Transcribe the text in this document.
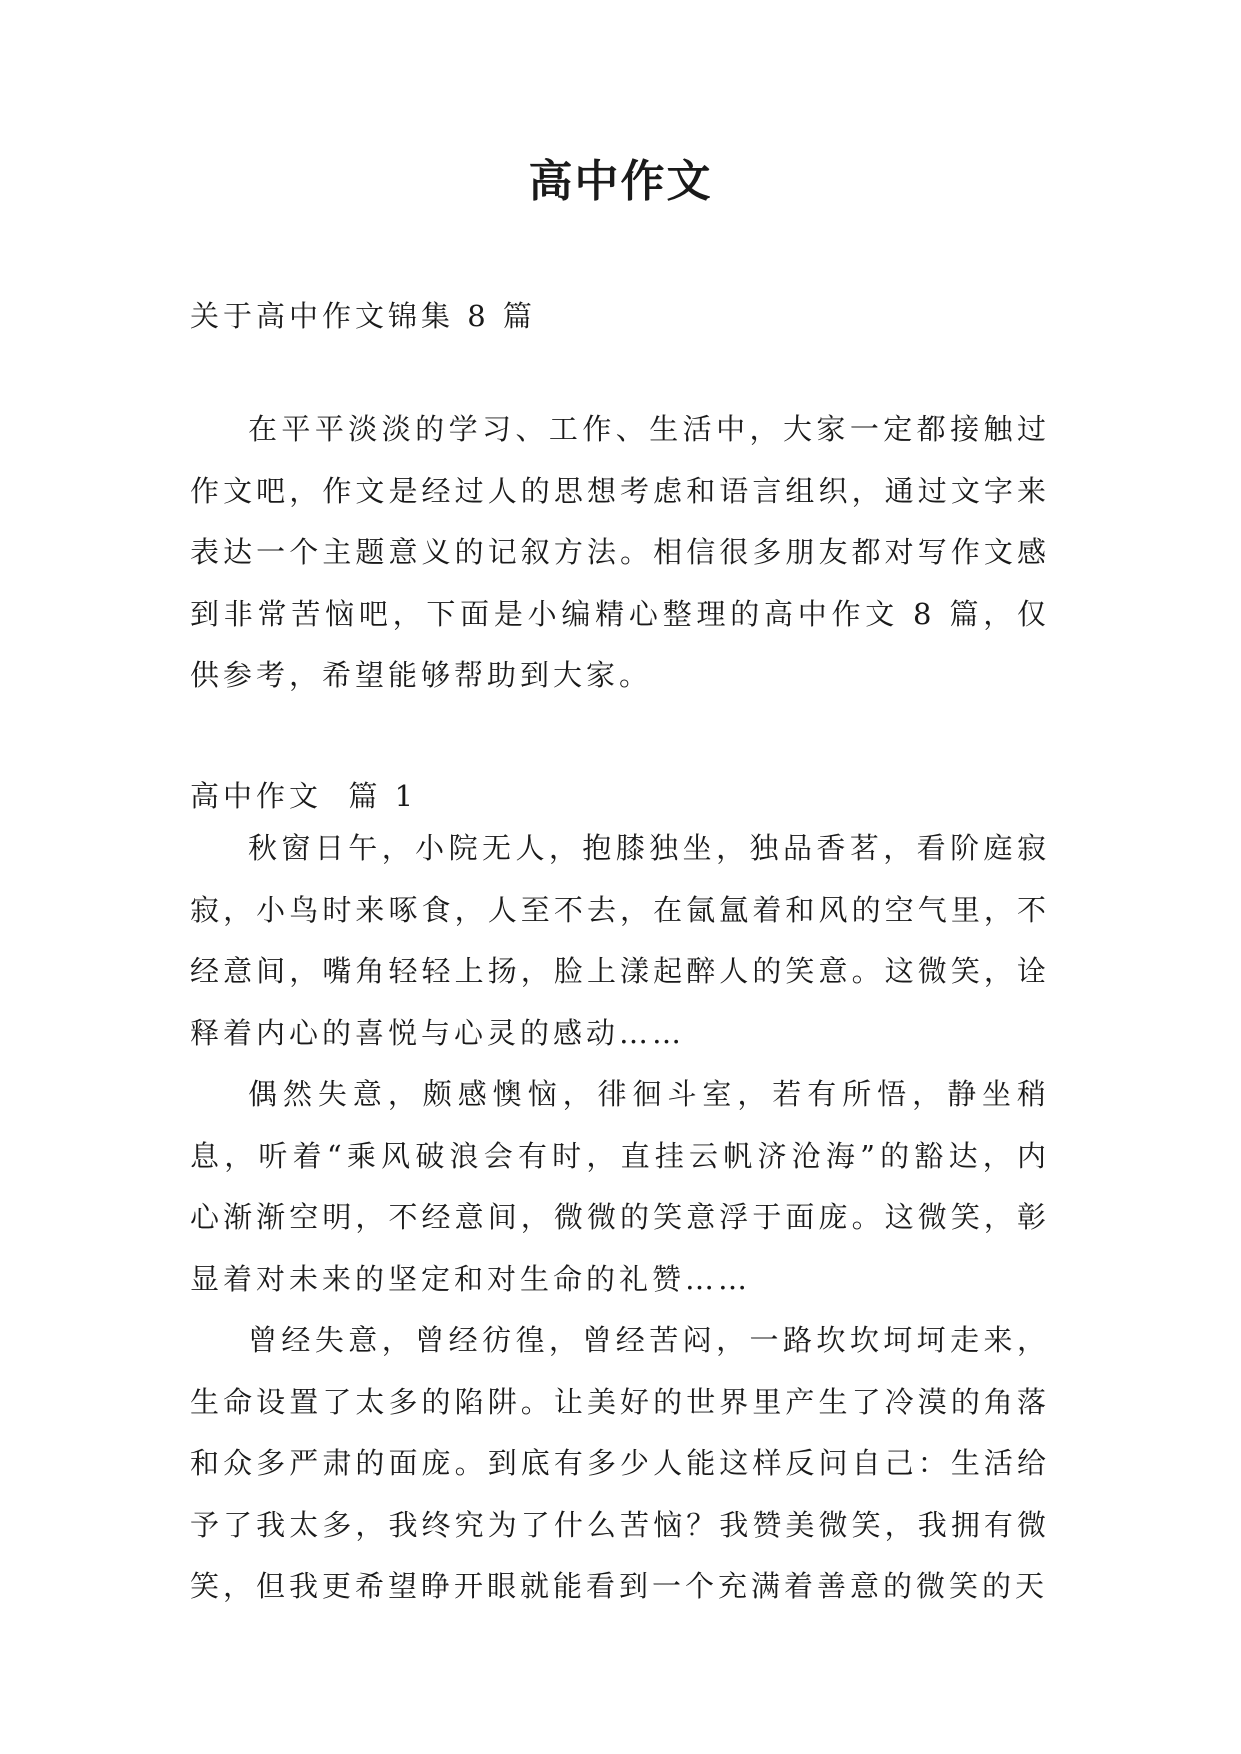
高中作文
关于高中作文锦集 8 篇

在平平淡淡的学习、工作、生活中，大家一定都接触过作文吧，作文是经过人的思想考虑和语言组织，通过文字来表达一个主题意义的记叙方法。相信很多朋友都对写作文感到非常苦恼吧，下面是小编精心整理的高中作文 8 篇，仅供参考，希望能够帮助到大家。

高中作文  篇 1

秋窗日午，小院无人，抱膝独坐，独品香茗，看阶庭寂寂，小鸟时来啄食，人至不去，在氤氲着和风的空气里，不经意间，嘴角轻轻上扬，脸上漾起醉人的笑意。这微笑，诠释着内心的喜悦与心灵的感动……

偶然失意，颇感懊恼，徘徊斗室，若有所悟，静坐稍息，听着“乘风破浪会有时，直挂云帆济沧海”的豁达，内心渐渐空明，不经意间，微微的笑意浮于面庞。这微笑，彰显着对未来的坚定和对生命的礼赞……

曾经失意，曾经彷徨，曾经苦闷，一路坎坎坷坷走来，生命设置了太多的陷阱。让美好的世界里产生了冷漠的角落和众多严肃的面庞。到底有多少人能这样反问自己：生活给予了我太多，我终究为了什么苦恼？我赞美微笑，我拥有微笑，但我更希望睁开眼就能看到一个充满着善意的微笑的天
